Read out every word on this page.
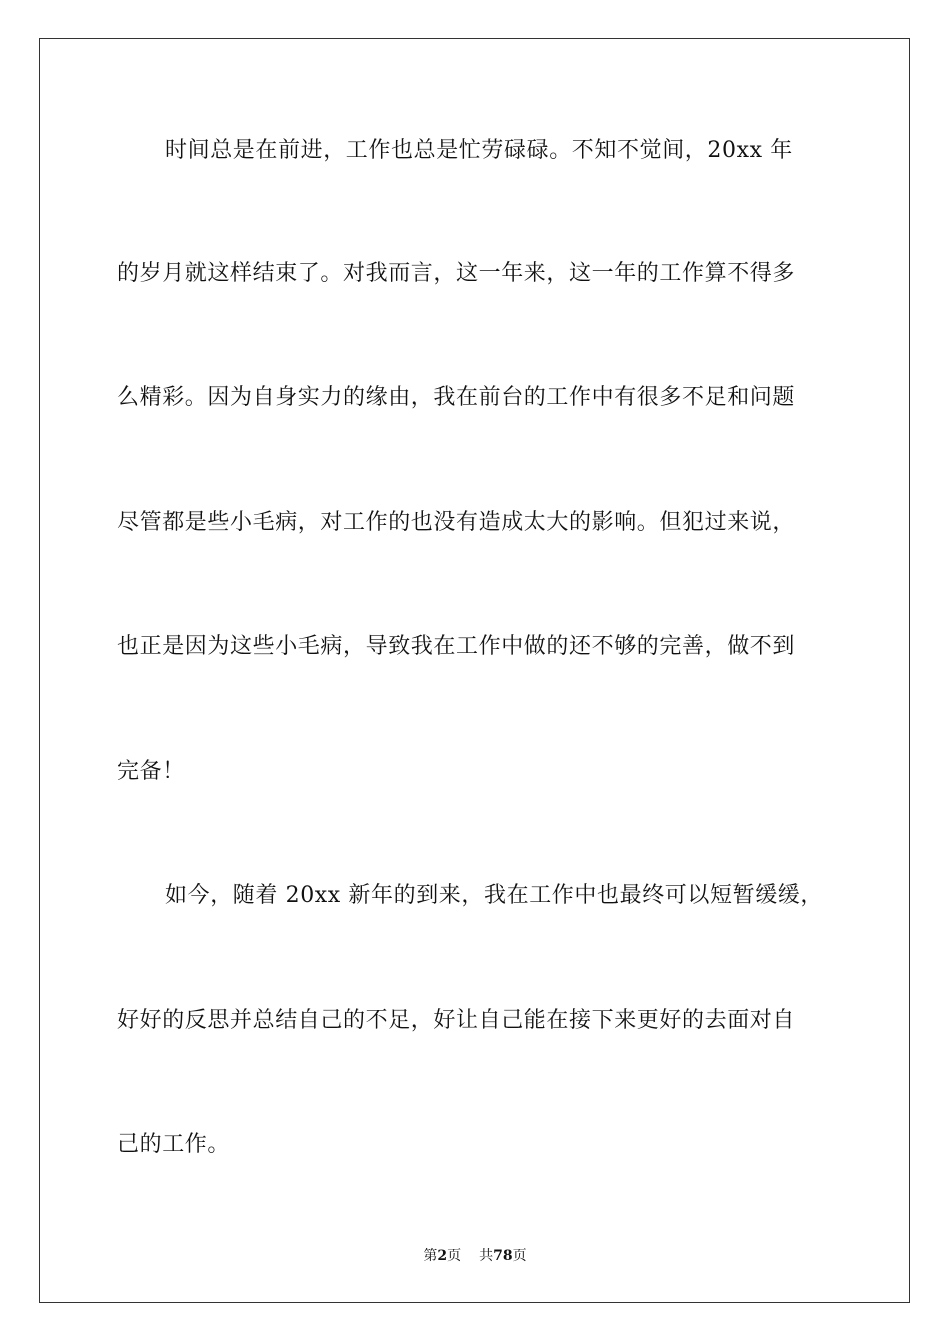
时间总是在前进，工作也总是忙劳碌碌。不知不觉间，20xx 年
的岁月就这样结束了。对我而言，这一年来，这一年的工作算不得多
么精彩。因为自身实力的缘由，我在前台的工作中有很多不足和问题
尽管都是些小毛病，对工作的也没有造成太大的影响。但犯过来说，
也正是因为这些小毛病，导致我在工作中做的还不够的完善，做不到
完备！
如今，随着 20xx 新年的到来，我在工作中也最终可以短暂缓缓，
好好的反思并总结自己的不足，好让自己能在接下来更好的去面对自
己的工作。
第2页 共78页
